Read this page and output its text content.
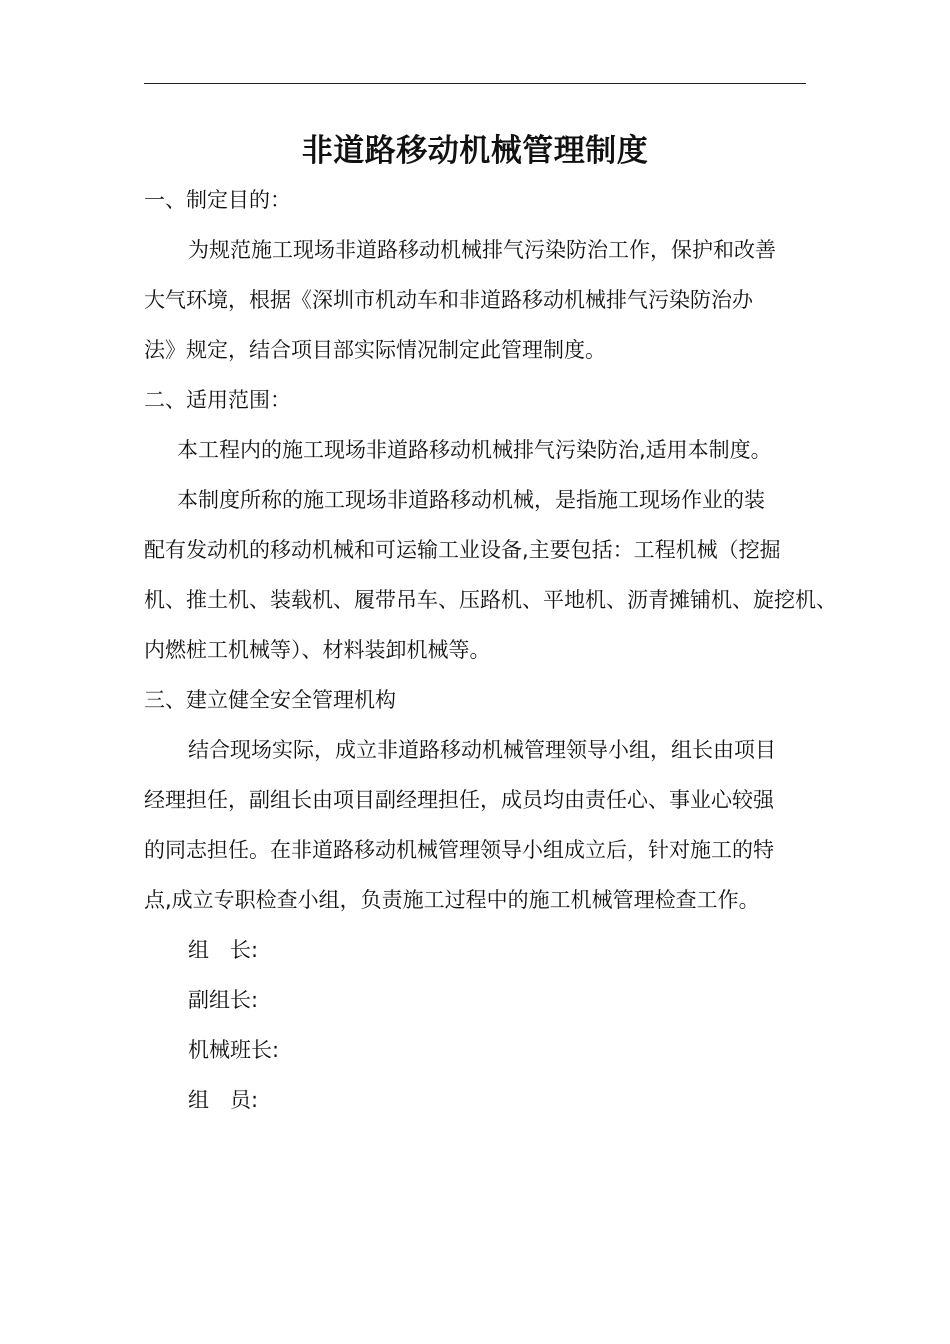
非道路移动机械管理制度
一、制定目的：
为规范施工现场非道路移动机械排气污染防治工作，保护和改善
大气环境，根据《深圳市机动车和非道路移动机械排气污染防治办
法》规定，结合项目部实际情况制定此管理制度。
二、适用范围：
本工程内的施工现场非道路移动机械排气污染防治,适用本制度。
本制度所称的施工现场非道路移动机械，是指施工现场作业的装
配有发动机的移动机械和可运输工业设备,主要包括：工程机械（挖掘
机、推土机、装载机、履带吊车、压路机、平地机、沥青摊铺机、旋挖机、
内燃桩工机械等）、材料装卸机械等。
三、建立健全安全管理机构
结合现场实际，成立非道路移动机械管理领导小组，组长由项目
经理担任，副组长由项目副经理担任，成员均由责任心、事业心较强
的同志担任。在非道路移动机械管理领导小组成立后，针对施工的特
点,成立专职检查小组，负责施工过程中的施工机械管理检查工作。
组　长:
副组长:
机械班长:
组　员:
